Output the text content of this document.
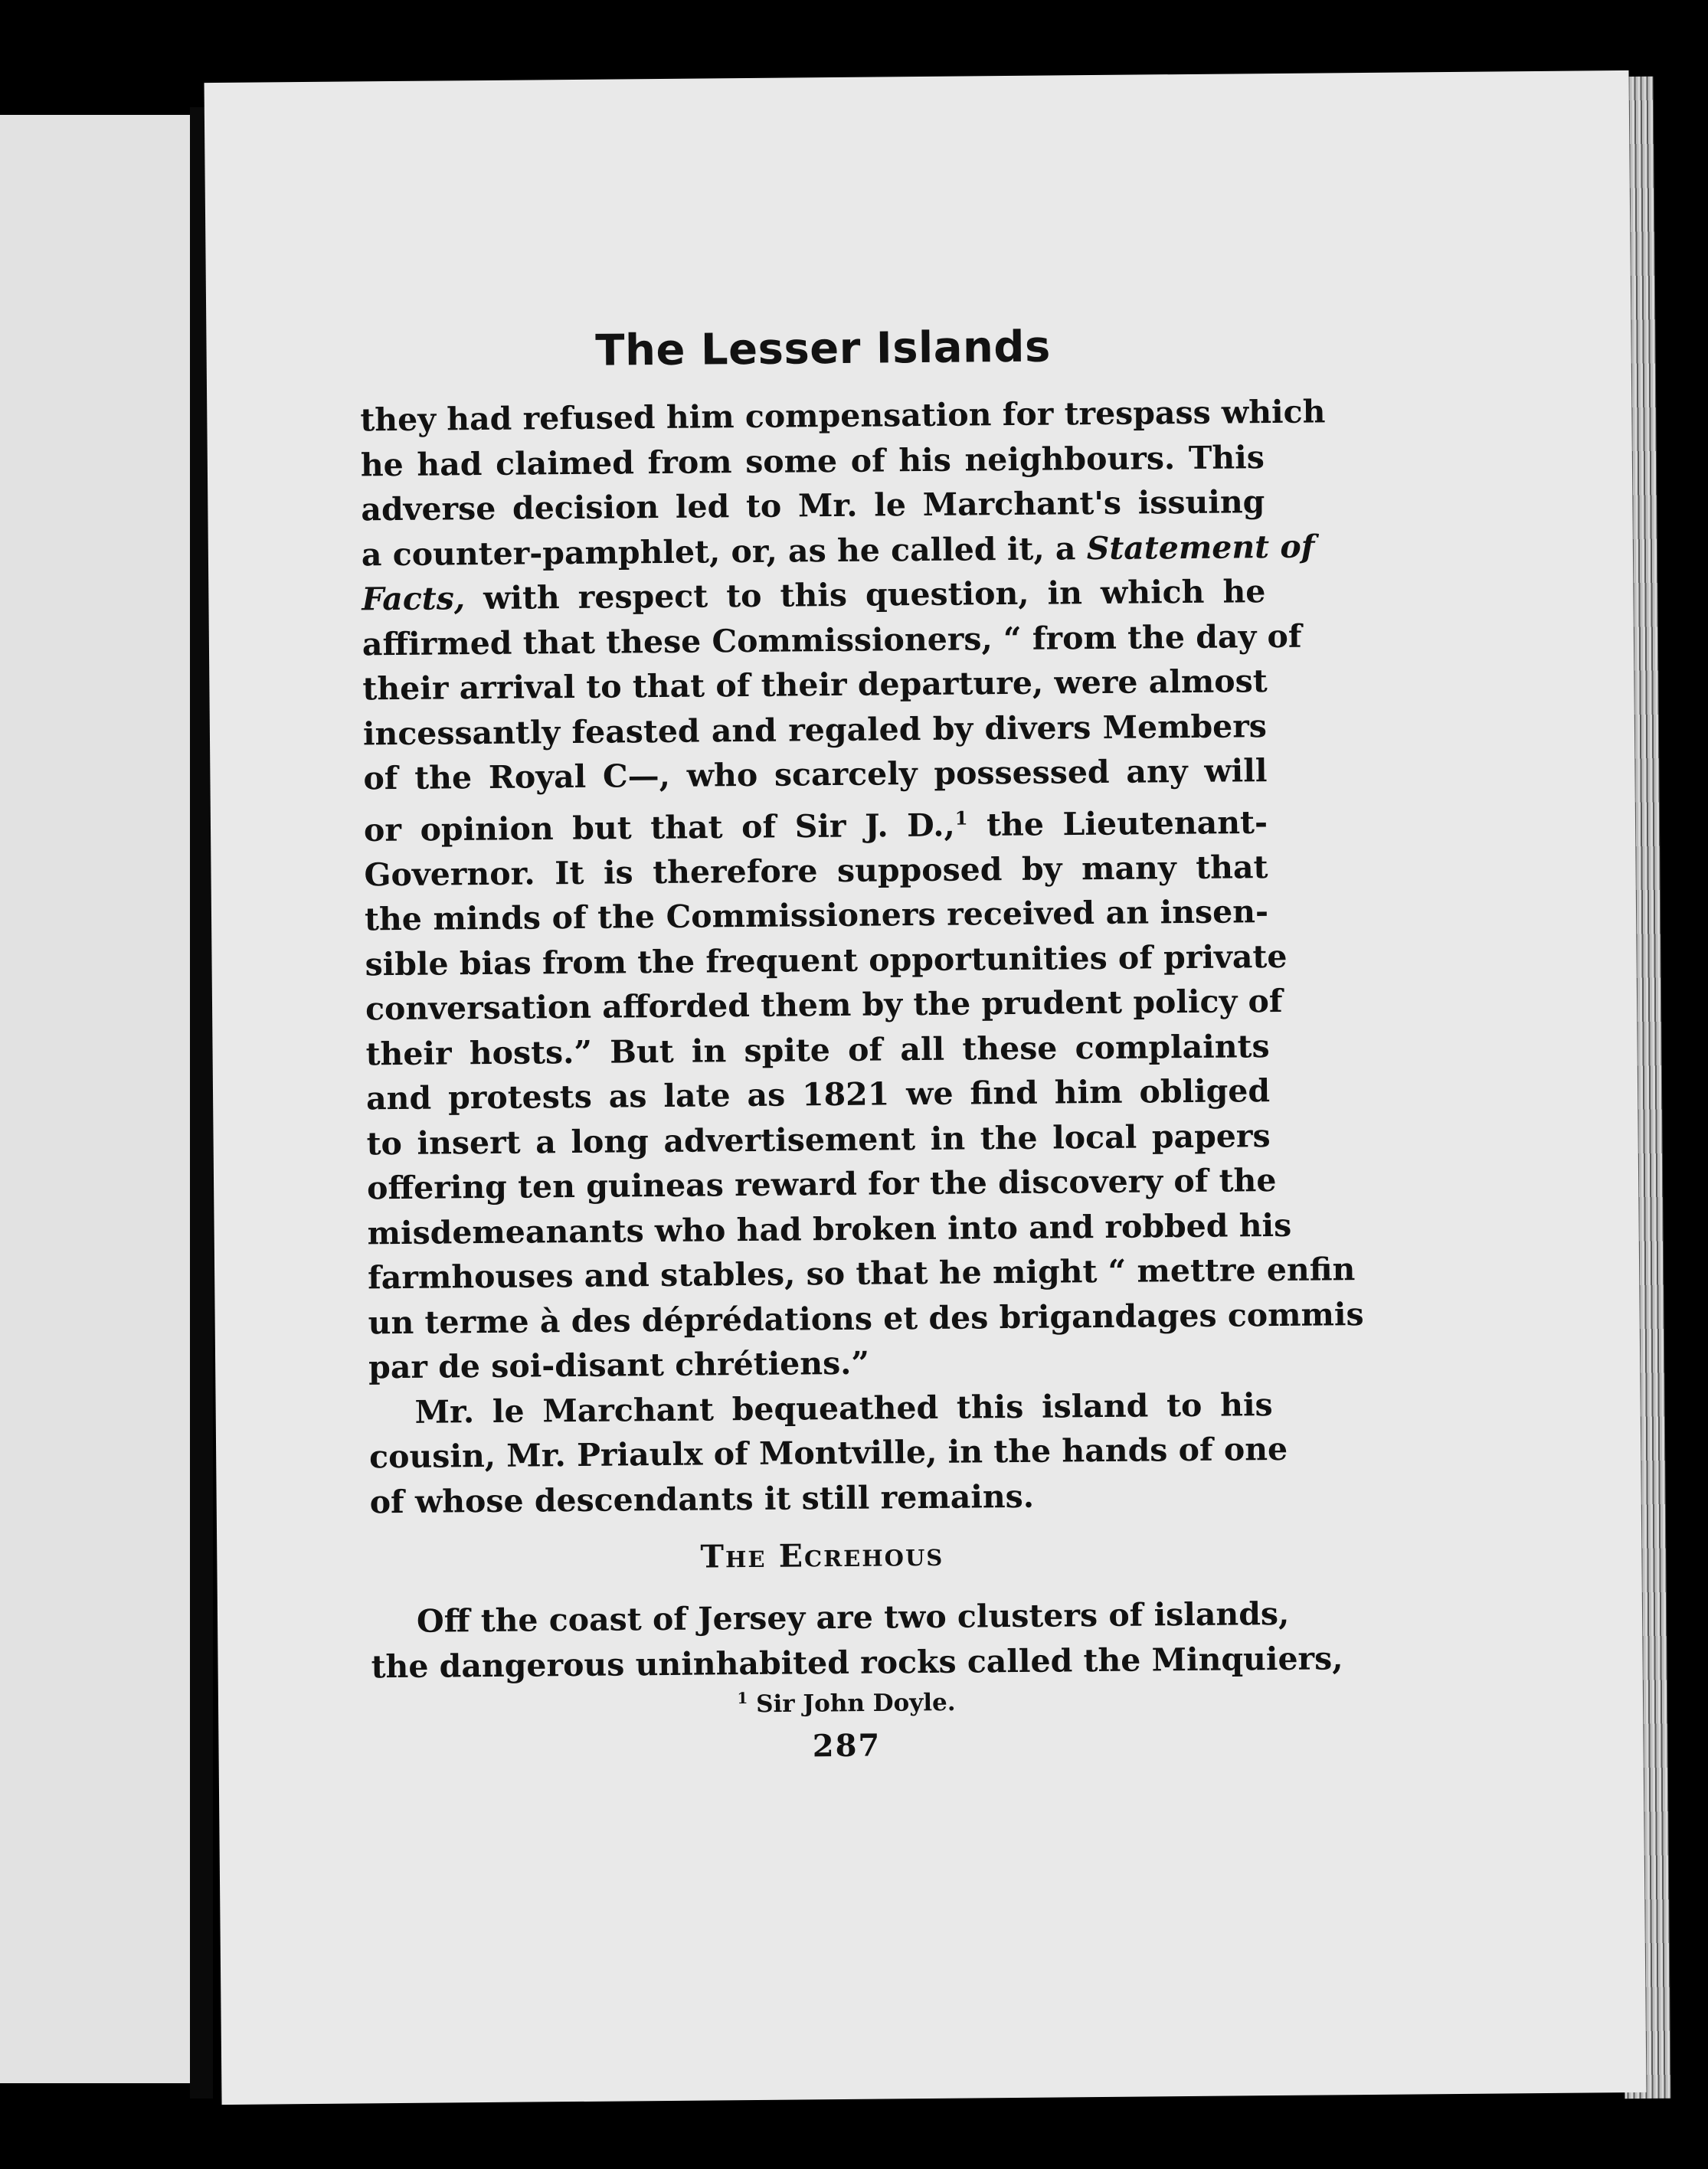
The Lesser Islands
they had refused him compensation for trespass which
he had claimed from some of his neighbours. This
adverse decision led to Mr. le Marchant's issuing
a counter-pamphlet, or, as he called it, a Statement of
Facts, with respect to this question, in which he
affirmed that these Commissioners, “ from the day of
their arrival to that of their departure, were almost
incessantly feasted and regaled by divers Members
of the Royal C—, who scarcely possessed any will
or opinion but that of Sir J. D.,$^1$ the Lieutenant-
Governor. It is therefore supposed by many that
the minds of the Commissioners received an insen-
sible bias from the frequent opportunities of private
conversation afforded them by the prudent policy of
their hosts.” But in spite of all these complaints
and protests as late as 1821 we find him obliged
to insert a long advertisement in the local papers
offering ten guineas reward for the discovery of the
misdemeanants who had broken into and robbed his
farmhouses and stables, so that he might “ mettre enfin
un terme à des déprédations et des brigandages commis
par de soi-disant chrétiens.”
Mr. le Marchant bequeathed this island to his
cousin, Mr. Priaulx of Montville, in the hands of one
of whose descendants it still remains.
The Ecrehous
Off the coast of Jersey are two clusters of islands,
the dangerous uninhabited rocks called the Minquiers,
$^1$ Sir John Doyle.
287
